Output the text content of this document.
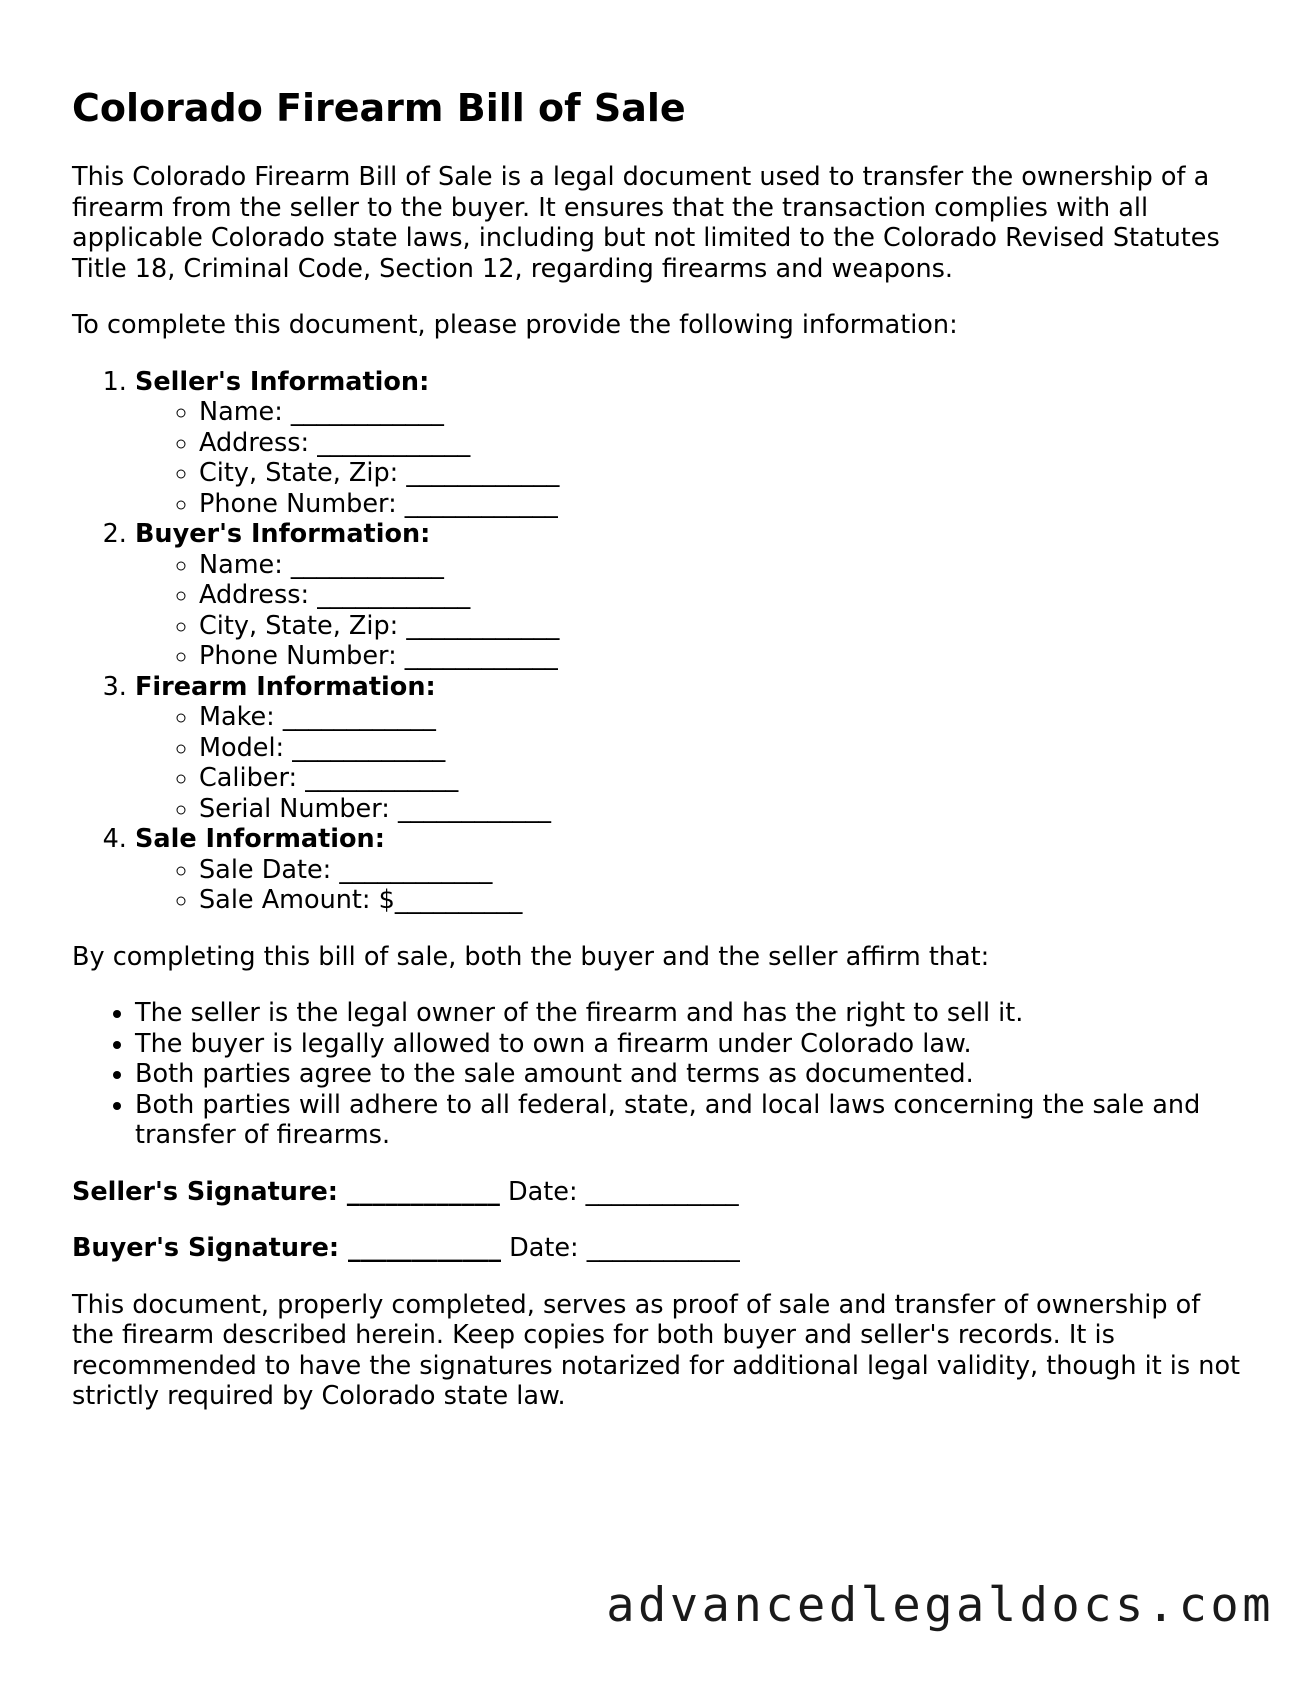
Colorado Firearm Bill of Sale

This Colorado Firearm Bill of Sale is a legal document used to transfer the ownership of a firearm from the seller to the buyer. It ensures that the transaction complies with all applicable Colorado state laws, including but not limited to the Colorado Revised Statutes Title 18, Criminal Code, Section 12, regarding firearms and weapons.

To complete this document, please provide the following information:

1. Seller's Information:
◦ Name: ____________
◦ Address: ____________
◦ City, State, Zip: ____________
◦ Phone Number: ____________
2. Buyer's Information:
◦ Name: ____________
◦ Address: ____________
◦ City, State, Zip: ____________
◦ Phone Number: ____________
3. Firearm Information:
◦ Make: ____________
◦ Model: ____________
◦ Caliber: ____________
◦ Serial Number: ____________
4. Sale Information:
◦ Sale Date: ____________
◦ Sale Amount: $__________

By completing this bill of sale, both the buyer and the seller affirm that:

• The seller is the legal owner of the firearm and has the right to sell it.
• The buyer is legally allowed to own a firearm under Colorado law.
• Both parties agree to the sale amount and terms as documented.
• Both parties will adhere to all federal, state, and local laws concerning the sale and transfer of firearms.
Seller's Signature: ____________ Date: ____________
Buyer's Signature: ____________ Date: ____________

This document, properly completed, serves as proof of sale and transfer of ownership of the firearm described herein. Keep copies for both buyer and seller's records. It is recommended to have the signatures notarized for additional legal validity, though it is not strictly required by Colorado state law.

advancedlegaldocs.com
